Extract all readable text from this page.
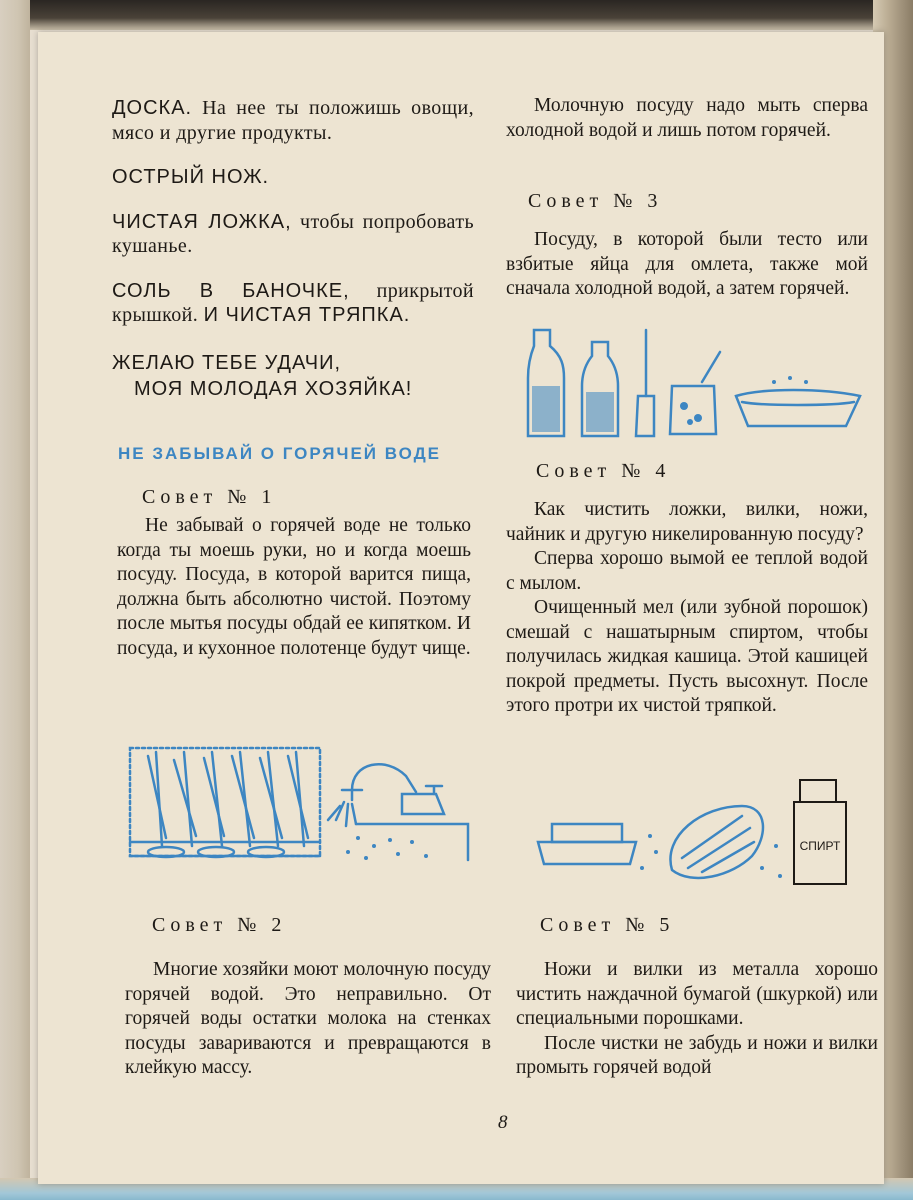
ДОСКА. На нее ты положишь овощи, мясо и другие продукты.

ОСТРЫЙ НОЖ.

ЧИСТАЯ ЛОЖКА, чтобы попробовать кушанье.

СОЛЬ В БАНОЧКЕ, прикрытой крышкой. И ЧИСТАЯ ТРЯПКА.

ЖЕЛАЮ ТЕБЕ УДАЧИ,
МОЯ МОЛОДАЯ ХОЗЯЙКА!

НЕ ЗАБЫВАЙ О ГОРЯЧЕЙ ВОДЕ

Совет № 1

Не забывай о горячей воде не только когда ты моешь руки, но и когда моешь посуду. Посуда, в которой варится пища, должна быть абсолютно чистой. Поэтому после мытья посуды обдай ее кипятком. И посуда, и кухонное полотенце будут чище.

Совет № 2

Многие хозяйки моют молочную посуду горячей водой. Это неправильно. От горячей воды остатки молока на стенках посуды завариваются и превращаются в клейкую массу.

Молочную посуду надо мыть сперва холодной водой и лишь потом горячей.

Совет № 3

Посуду, в которой были тесто или взбитые яйца для омлета, также мой сначала холодной водой, а затем горячей.

Совет № 4

Как чистить ложки, вилки, ножи, чайник и другую никелированную посуду?

Сперва хорошо вымой ее теплой водой с мылом.

Очищенный мел (или зубной порошок) смешай с нашатырным спиртом, чтобы получилась жидкая кашица. Этой кашицей покрой предметы. Пусть высохнут. После этого протри их чистой тряпкой.

СПИРТ

Совет № 5

Ножи и вилки из металла хорошо чистить наждачной бумагой (шкуркой) или специальными порошками.

После чистки не забудь и ножи и вилки промыть горячей водой

8
